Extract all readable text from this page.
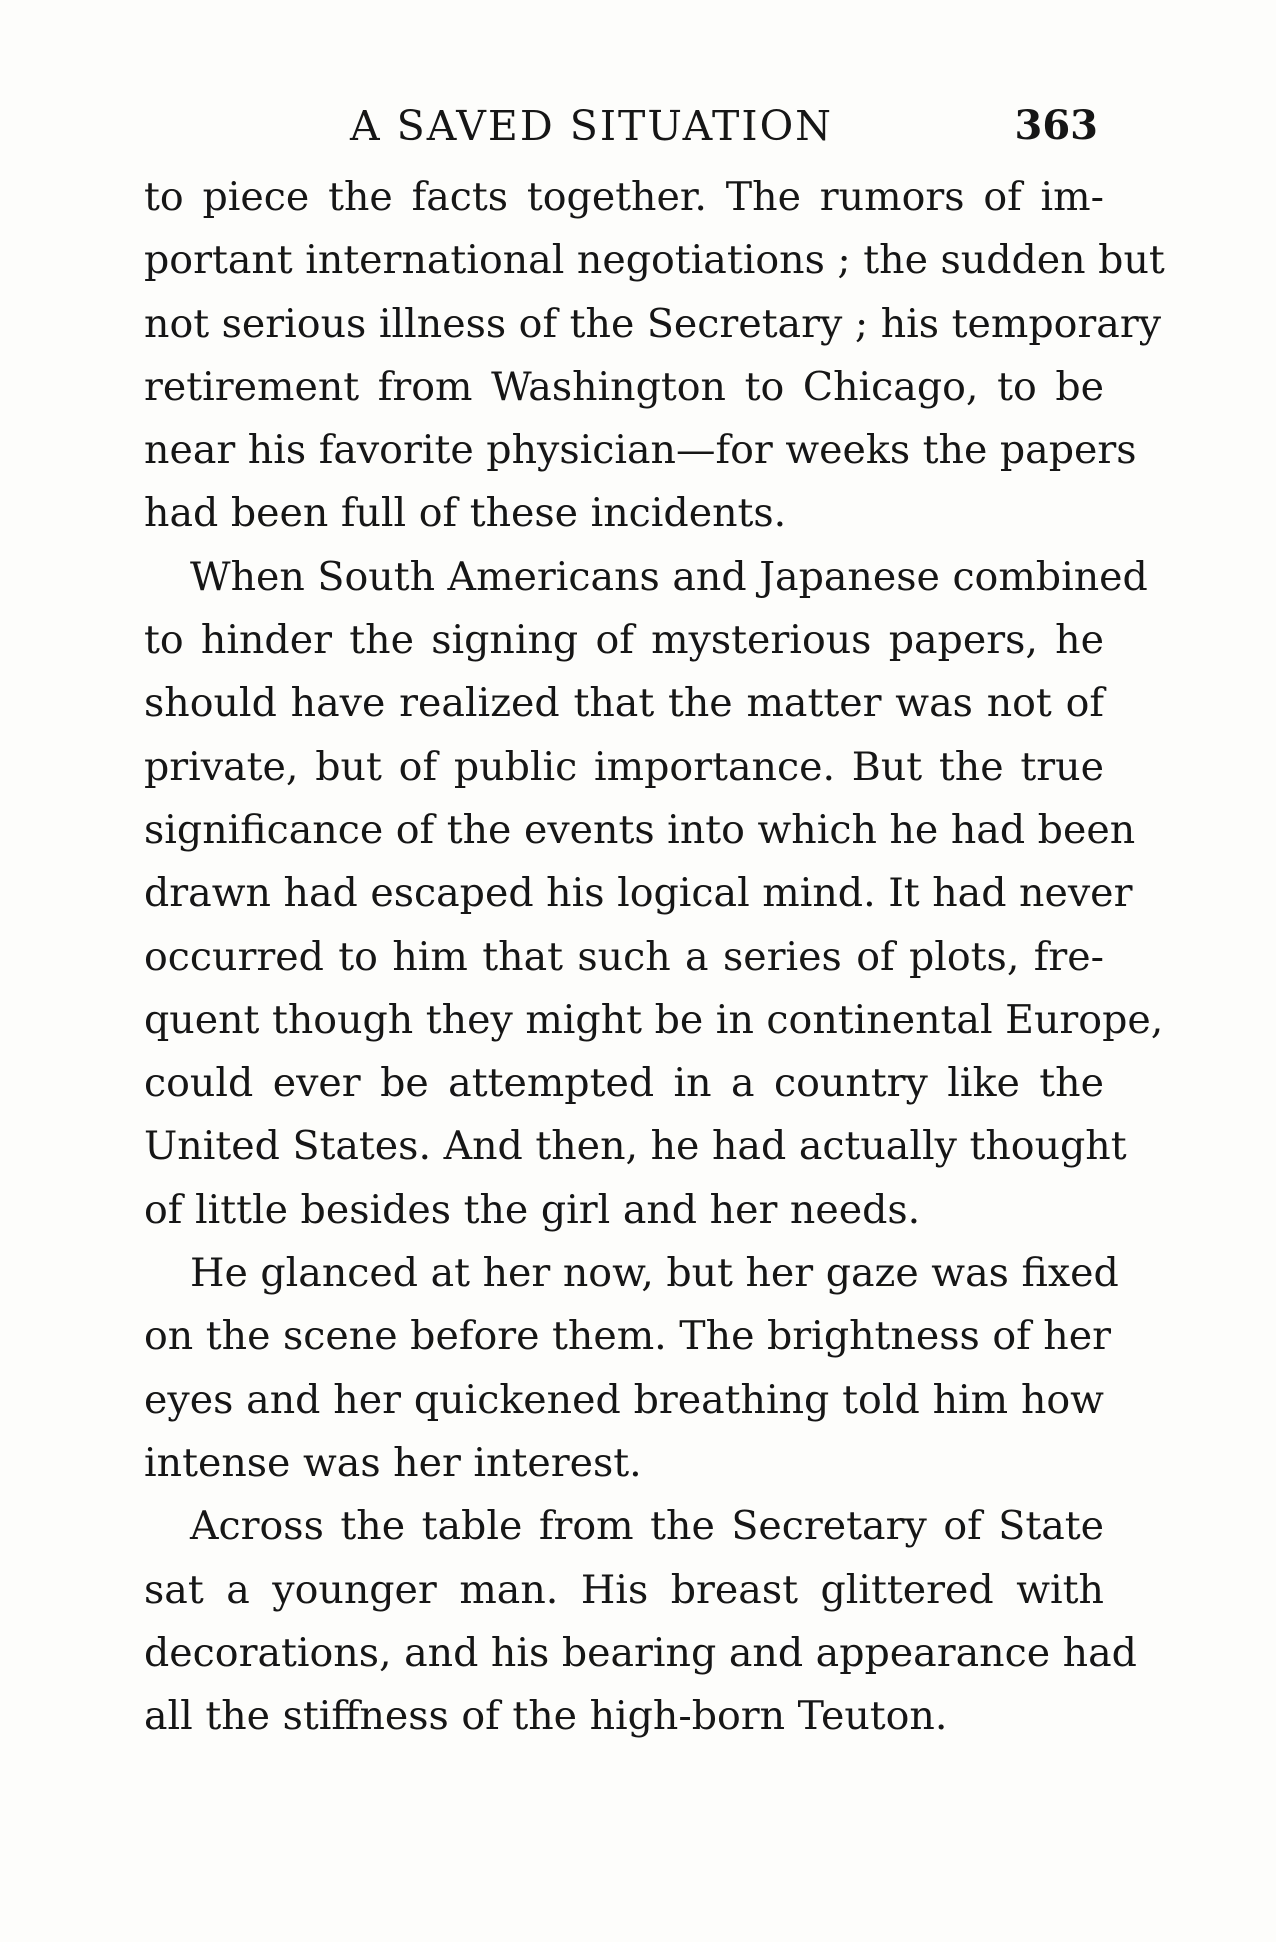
A SAVED SITUATION	363
to piece the facts together. The rumors of im-
portant international negotiations ; the sudden but
not serious illness of the Secretary ; his temporary
retirement from Washington to Chicago, to be
near his favorite physician—for weeks the papers
had been full of these incidents.
When South Americans and Japanese combined
to hinder the signing of mysterious papers, he
should have realized that the matter was not of
private, but of public importance. But the true
significance of the events into which he had been
drawn had escaped his logical mind. It had never
occurred to him that such a series of plots, fre-
quent though they might be in continental Europe,
could ever be attempted in a country like the
United States. And then, he had actually thought
of little besides the girl and her needs.
He glanced at her now, but her gaze was fixed
on the scene before them. The brightness of her
eyes and her quickened breathing told him how
intense was her interest.
Across the table from the Secretary of State
sat a younger man. His breast glittered with
decorations, and his bearing and appearance had
all the stiffness of the high-born Teuton.
